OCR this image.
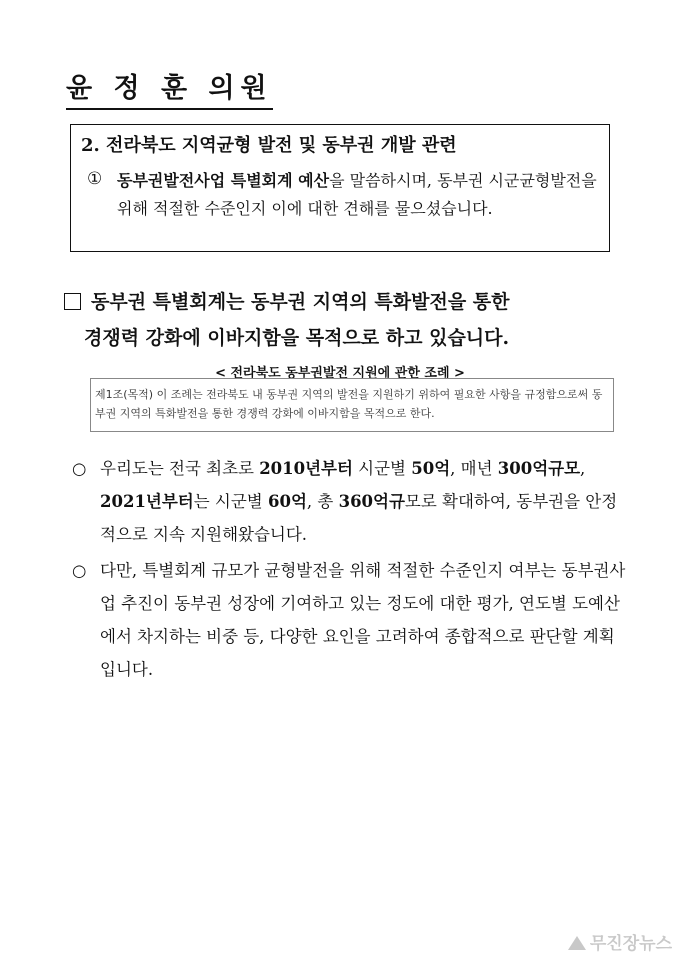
윤 정 훈 의원
2. 전라북도 지역균형 발전 및 동부권 개발 관련
① 동부권발전사업 특별회계 예산을 말씀하시며, 동부권 시군균형발전을 위해 적절한 수준인지 이에 대한 견해를 물으셨습니다.
동부권 특별회계는 동부권 지역의 특화발전을 통한
경쟁력 강화에 이바지함을 목적으로 하고 있습니다.
< 전라북도 동부권발전 지원에 관한 조례 >
제1조(목적) 이 조례는 전라북도 내 동부권 지역의 발전을 지원하기 위하여 필요한 사항을 규정함으로써 동부권 지역의 특화발전을 통한 경쟁력 강화에 이바지함을 목적으로 한다.
○ 우리도는 전국 최초로 2010년부터 시군별 50억, 매년 300억규모, 2021년부터는 시군별 60억, 총 360억규모로 확대하여, 동부권을 안정적으로 지속 지원해왔습니다.
○ 다만, 특별회계 규모가 균형발전을 위해 적절한 수준인지 여부는 동부권사업 추진이 동부권 성장에 기여하고 있는 정도에 대한 평가, 연도별 도예산에서 차지하는 비중 등, 다양한 요인을 고려하여 종합적으로 판단할 계획입니다.
무진장뉴스
